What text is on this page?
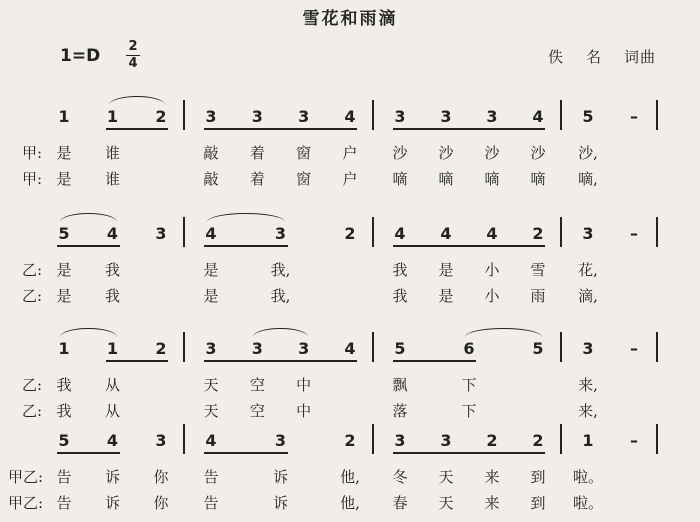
雪花和雨滴
1=D 2
4	佚 名 词曲
1 1 2
是 谁
是 谁
3 3 3 4
敲 着 窗 户
敲 着 窗 户
3 3 3 4
沙 沙 沙 沙
嘀 嘀 嘀 嘀
5 –
沙,
嘀,
甲:
甲:
5 4 3
是 我
是 我
4	3	2
是	我,
是	我,
4 4 4 2
我 是 小 雪
我 是 小 雨
3 –
花,
滴,
乙:
乙:
1 1 2
我 从
我 从
3 3 3 4
天 空 中
天 空 中
5	6	5
飘	下
落	下
3 –
来,
来,
乙:
乙:
5 4 3
告 诉 你
告 诉 你
4	3	2
告	诉	他,
告	诉	他,
3 3 2 2
冬 天 来 到
春 天 来 到
1 –
啦。
啦。
甲乙:
甲乙:
